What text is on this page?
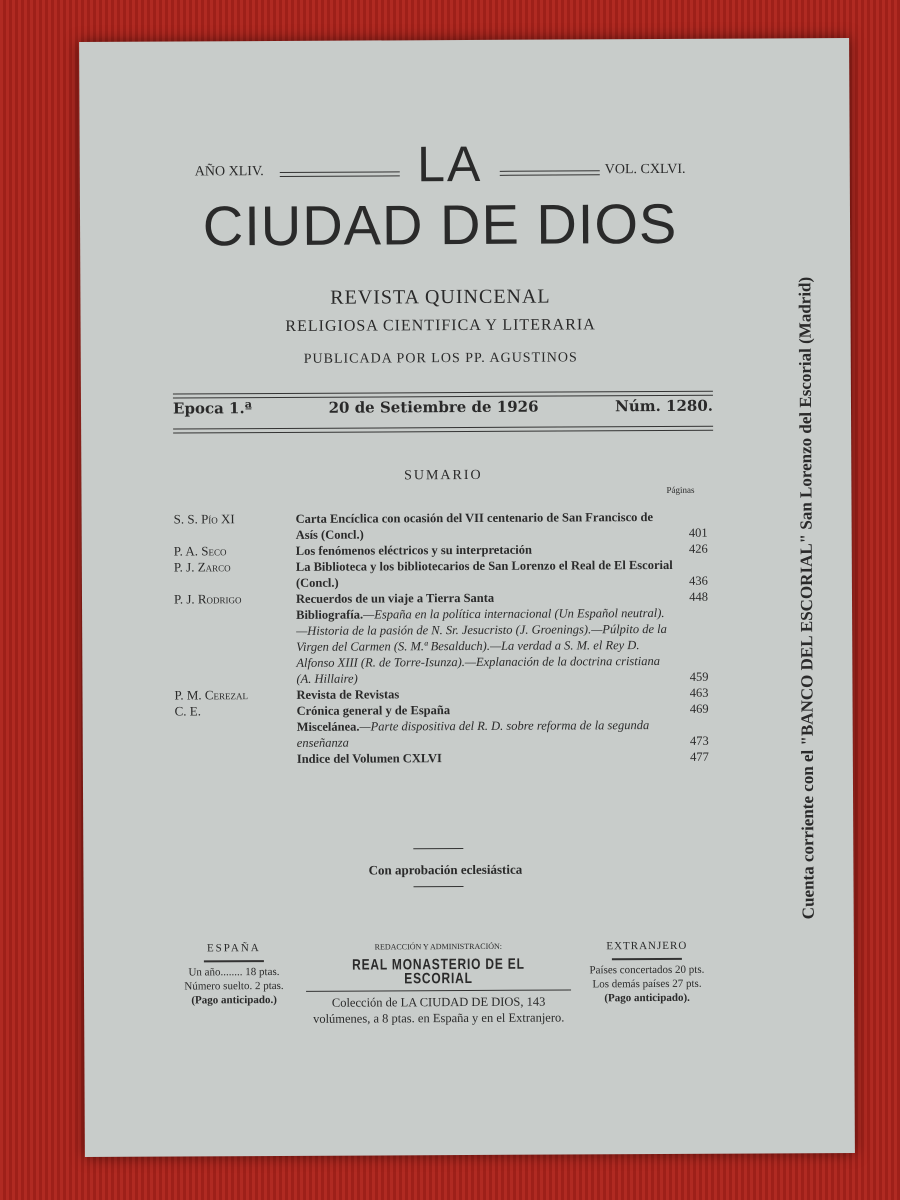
AÑO XLIV.	LA	VOL. CXLVI.
CIUDAD DE DIOS
REVISTA QUINCENAL
RELIGIOSA CIENTIFICA Y LITERARIA
PUBLICADA POR LOS PP. AGUSTINOS
Epoca 1.ª	20 de Setiembre de 1926	Núm. 1280.
SUMARIO
Páginas
S. S. Pío XI	Carta Encíclica con ocasión del VII centenario de San Francisco de Asís (Concl.)	401
P. A. Seco	Los fenómenos eléctricos y su interpretación	426
P. J. Zarco	La Biblioteca y los bibliotecarios de San Lorenzo el Real de El Escorial (Concl.)	436
P. J. Rodrigo	Recuerdos de un viaje a Tierra Santa	448
Bibliografía.—España en la política internacional (Un Español neutral).—Historia de la pasión de N. Sr. Jesucristo (J. Groenings).—Púlpito de la Virgen del Carmen (S. M.ª Besalduch).—La verdad a S. M. el Rey D. Alfonso XIII (R. de Torre-Isunza).—Explanación de la doctrina cristiana (A. Hillaire)	459
P. M. Cerezal	Revista de Revistas	463
C. E.	Crónica general y de España	469
Miscelánea.—Parte dispositiva del R. D. sobre reforma de la segunda enseñanza	473
Indice del Volumen CXLVI	477
Con aprobación eclesiástica
ESPAÑA
Un año........ 18 ptas.
Número suelto. 2 ptas.
(Pago anticipado.)
REDACCIÓN Y ADMINISTRACIÓN:
REAL MONASTERIO DE EL ESCORIAL
Colección de LA CIUDAD DE DIOS, 143 volúmenes, a 8 ptas. en España y en el Extranjero.
EXTRANJERO
Países concertados 20 pts.
Los demás países 27 pts.
(Pago anticipado).
Cuenta corriente con el "BANCO DEL ESCORIAL" San Lorenzo del Escorial (Madrid)
